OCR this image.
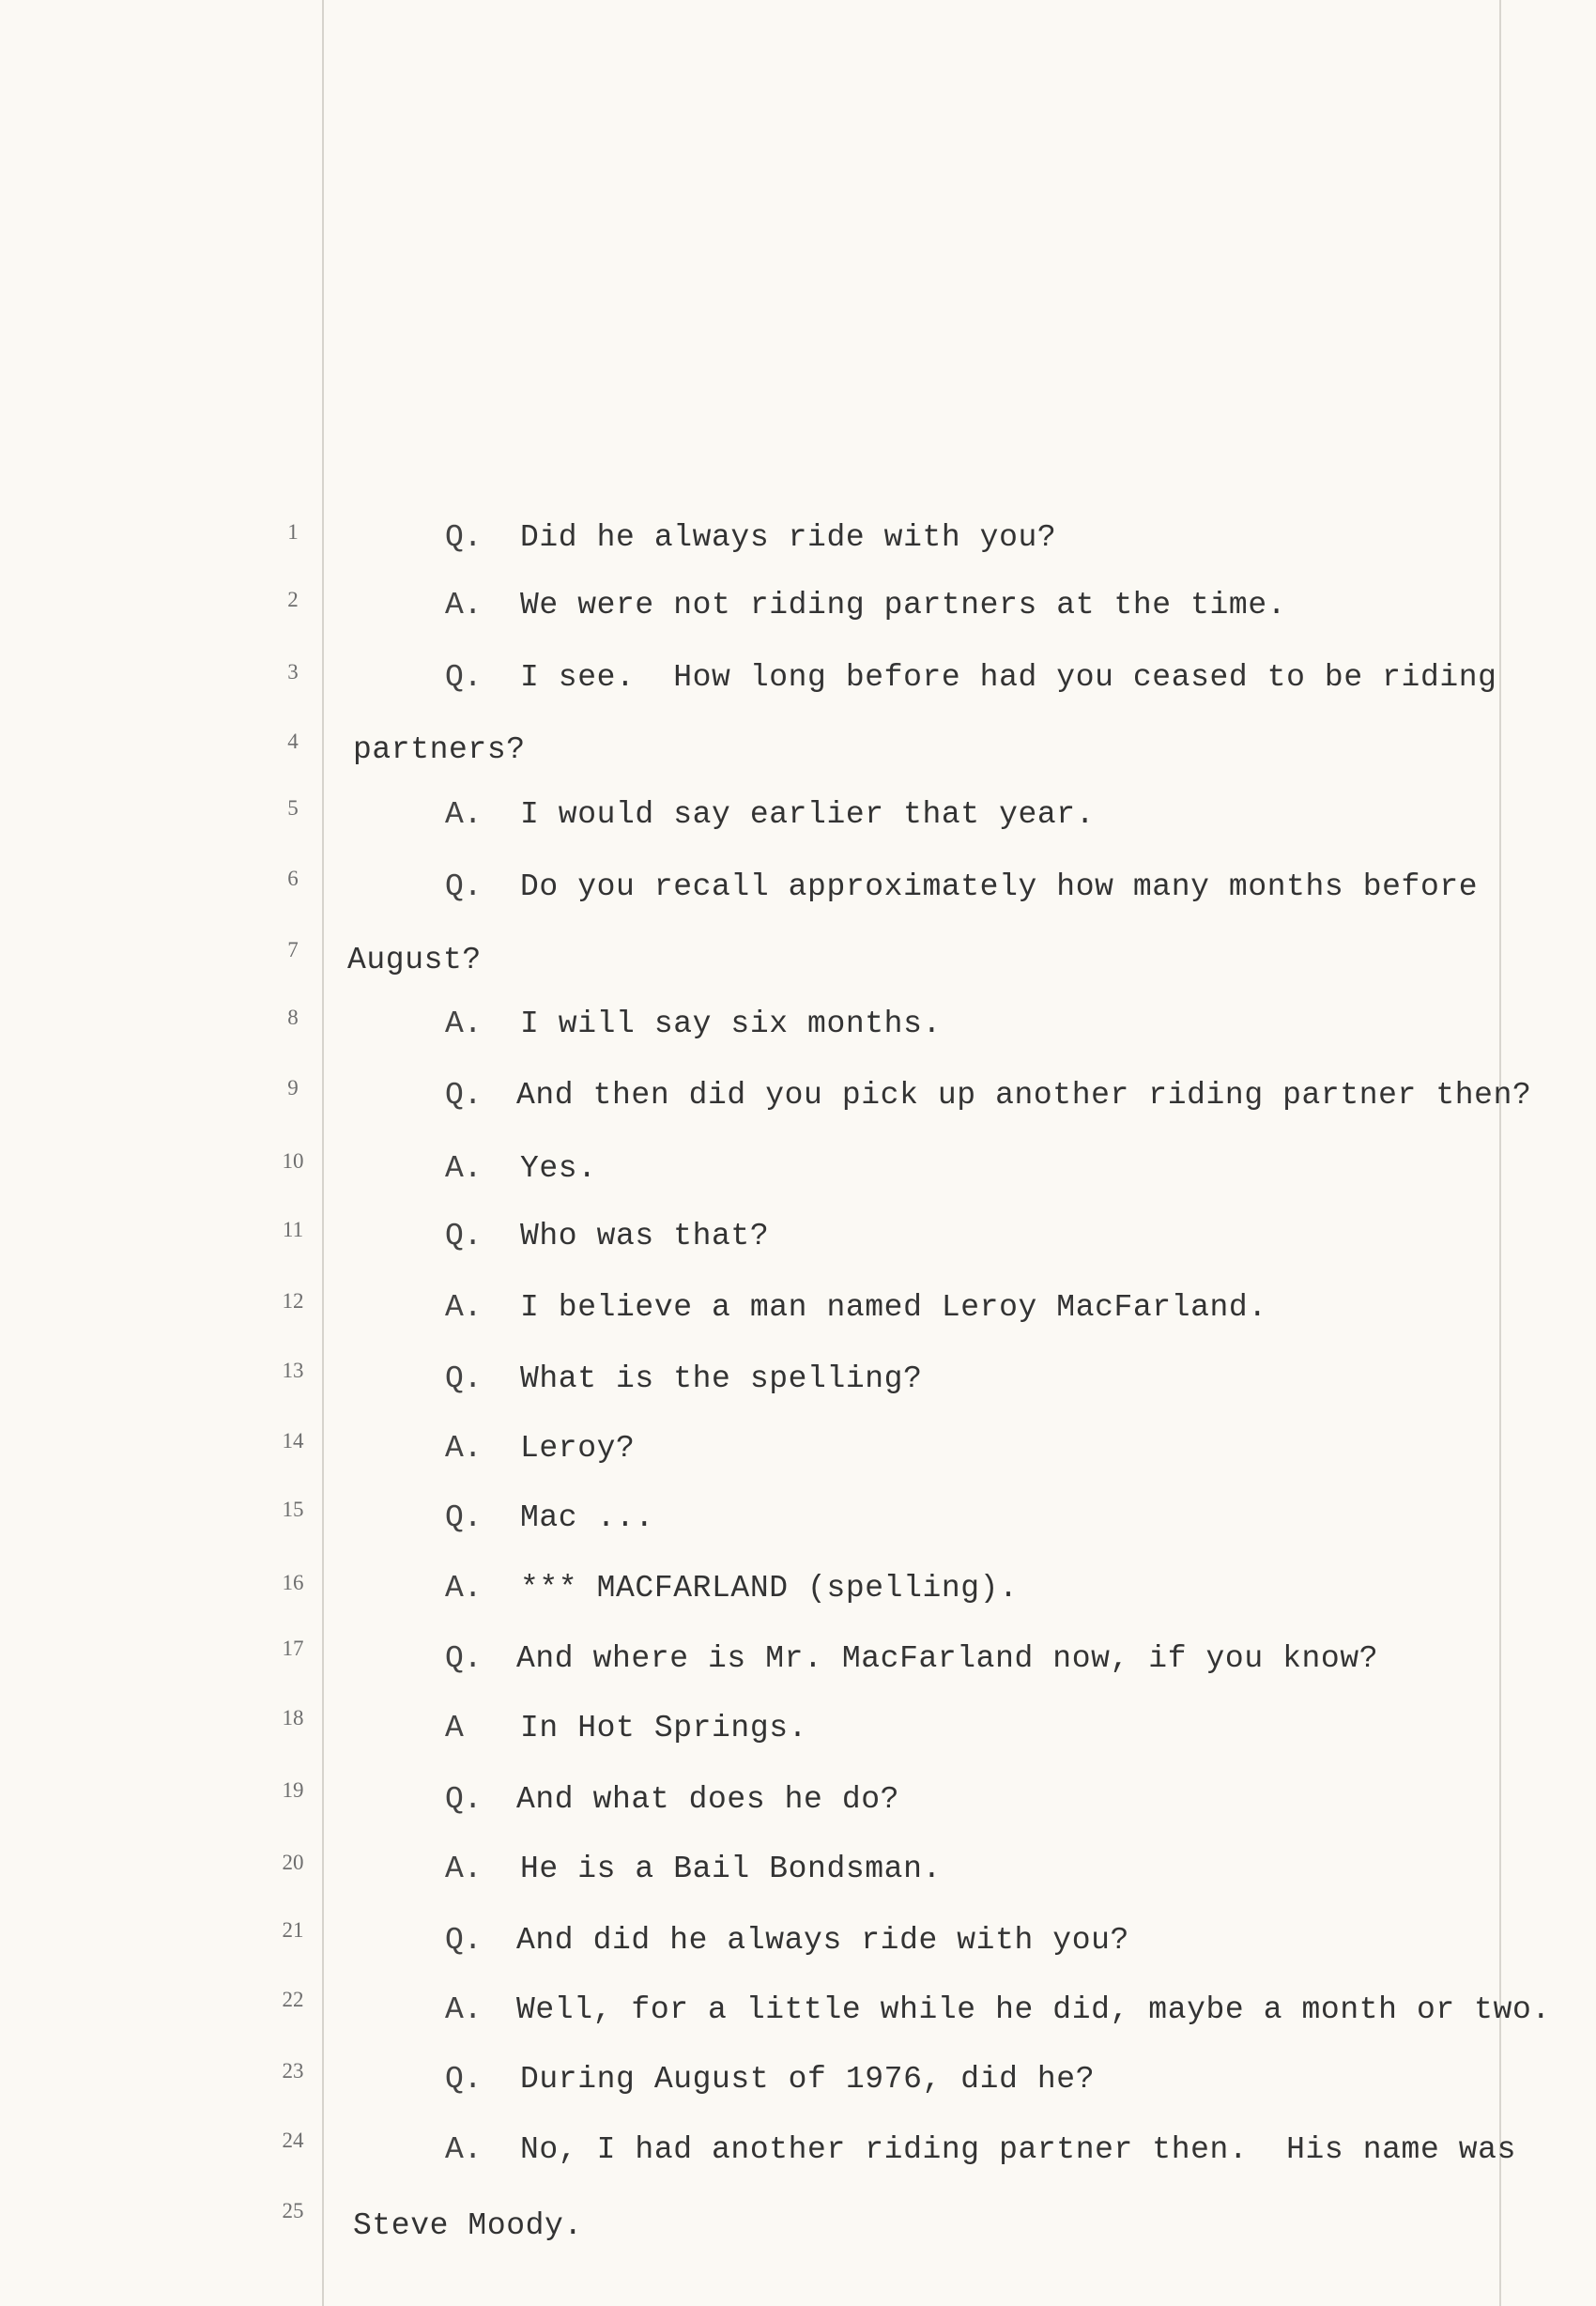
1
2
3
4
5
6
7
8
9
10
11
12
13
14
15
16
17
18
19
20
21
22
23
24
25
Q.
A.
Q.
A.
Q.
A.
Q.
A.
Q.
A.
Q.
A.
Q.
A.
Q.
A
Q.
A.
Q.
A.
Q.
A.
Did he always ride with you?
We were not riding partners at the time.
I see.  How long before had you ceased to be riding
partners?
I would say earlier that year.
Do you recall approximately how many months before
August?
I will say six months.
And then did you pick up another riding partner then?
Yes.
Who was that?
I believe a man named Leroy MacFarland.
What is the spelling?
Leroy?
Mac ...
*** MACFARLAND (spelling).
And where is Mr. MacFarland now, if you know?
In Hot Springs.
And what does he do?
He is a Bail Bondsman.
And did he always ride with you?
Well, for a little while he did, maybe a month or two.
During August of 1976, did he?
No, I had another riding partner then.  His name was
Steve Moody.
